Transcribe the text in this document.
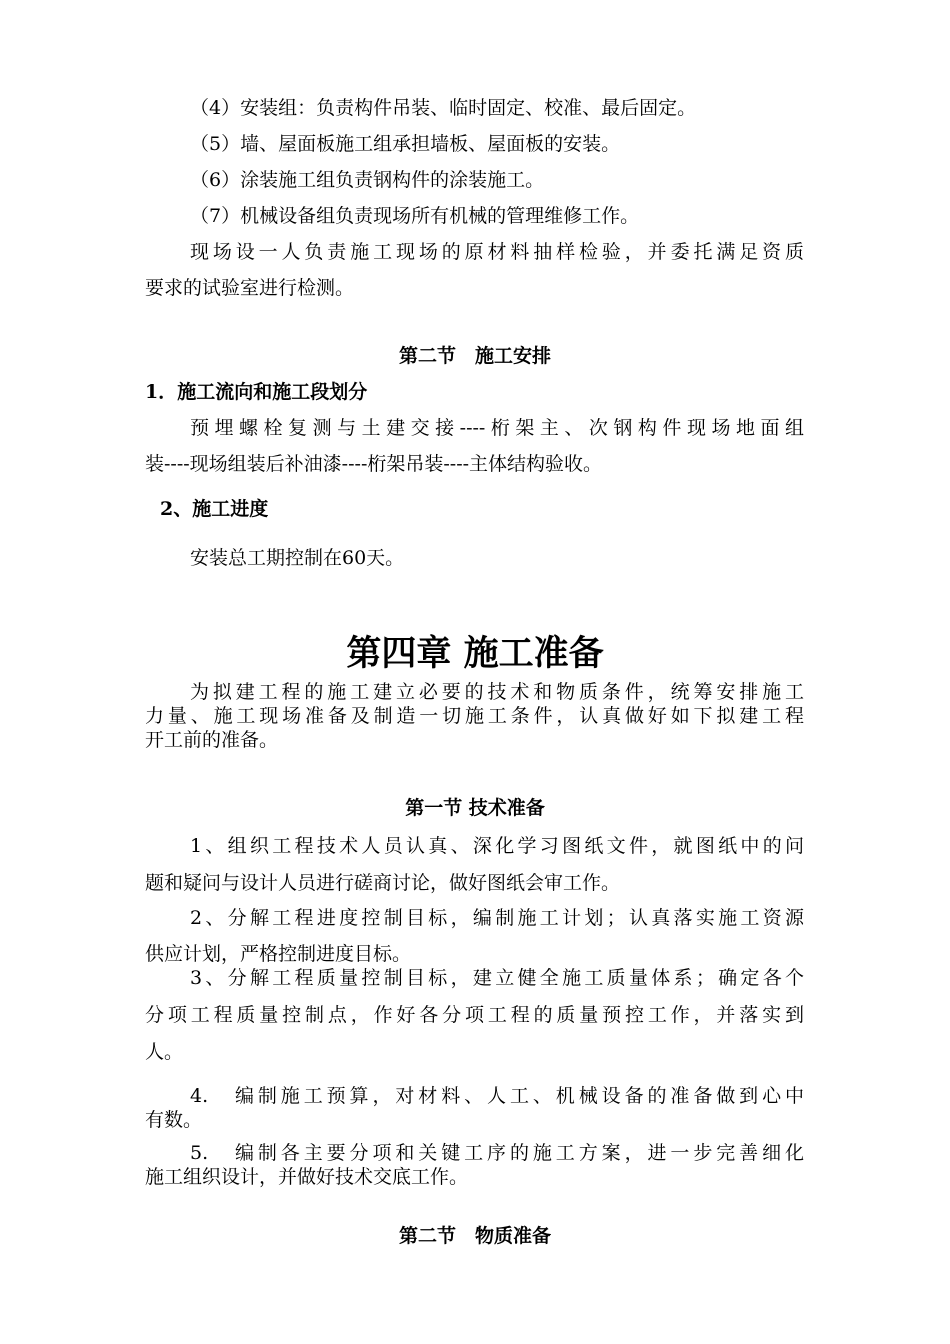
（4）安装组：负责构件吊装、临时固定、校准、最后固定。
（5）墙、屋面板施工组承担墙板、屋面板的安装。
（6）涂装施工组负责钢构件的涂装施工。
（7）机械设备组负责现场所有机械的管理维修工作。
现场设一人负责施工现场的原材料抽样检验，并委托满足资质
要求的试验室进行检测。
第二节　施工安排
1．施工流向和施工段划分
预埋螺栓复测与土建交接----桁架主、次钢构件现场地面组
装----现场组装后补油漆----桁架吊装----主体结构验收。
2、施工进度
安装总工期控制在60天。
第四章 施工准备
为拟建工程的施工建立必要的技术和物质条件，统筹安排施工
力量、施工现场准备及制造一切施工条件，认真做好如下拟建工程
开工前的准备。
第一节 技术准备
1、组织工程技术人员认真、深化学习图纸文件，就图纸中的问
题和疑问与设计人员进行磋商讨论，做好图纸会审工作。
2、分解工程进度控制目标，编制施工计划；认真落实施工资源
供应计划，严格控制进度目标。
3、分解工程质量控制目标，建立健全施工质量体系；确定各个
分项工程质量控制点，作好各分项工程的质量预控工作，并落实到
人。
4.　编制施工预算，对材料、人工、机械设备的准备做到心中
有数。
5.　编制各主要分项和关键工序的施工方案，进一步完善细化
施工组织设计，并做好技术交底工作。
第二节　物质准备
